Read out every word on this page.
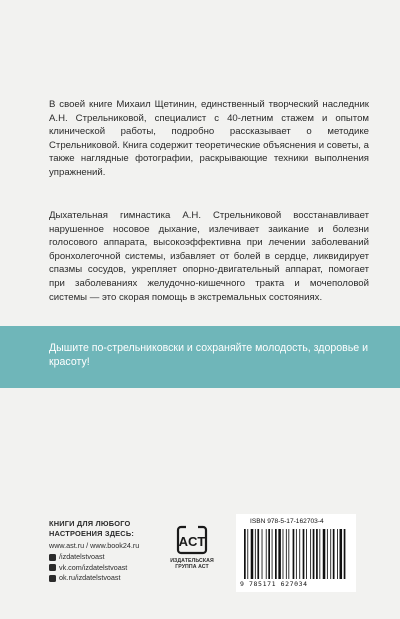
В своей книге Михаил Щетинин, единственный творческий наследник А.Н. Стрельниковой, специалист с 40-летним стажем и опытом клинической работы, подробно рассказывает о методике Стрельниковой. Книга содержит теоретические объяснения и советы, а также наглядные фотографии, раскрывающие техники выполнения упражнений.

Дыхательная гимнастика А.Н. Стрельниковой восстанавливает нарушенное носовое дыхание, излечивает заикание и болезни голосового аппарата, высокоэффективна при лечении заболеваний бронхолегочной системы, избавляет от болей в сердце, ликвидирует спазмы сосудов, укрепляет опорно-двигательный аппарат, помогает при заболеваниях желудочно-кишечного тракта и мочеполовой системы — это скорая помощь в экстремальных состояниях.

Дышите по-стрельниковски и сохраняйте молодость, здоровье и красоту!

КНИГИ ДЛЯ ЛЮБОГО
НАСТРОЕНИЯ ЗДЕСЬ:

www.ast.ru / www.book24.ru
/izdatelstvoast
vk.com/izdatelstvoast
ok.ru/izdatelstvoast
ACT
ИЗДАТЕЛЬСКАЯ
ГРУППА АСТ
ISBN 978-5-17-162703-4
9 785171 627034
